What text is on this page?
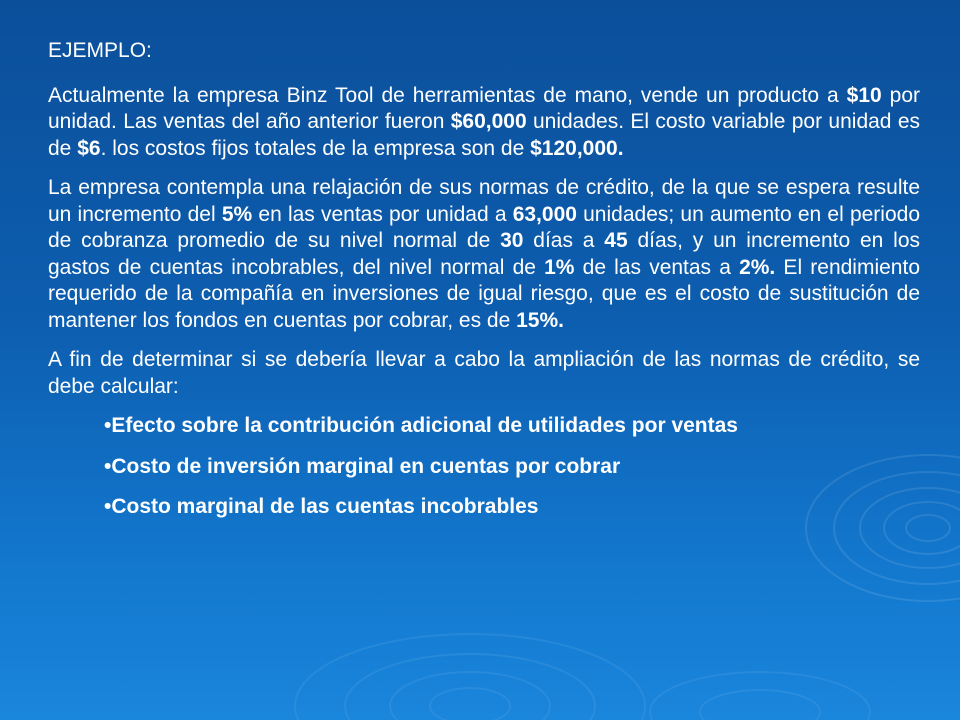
EJEMPLO:

Actualmente la empresa Binz Tool de herramientas de mano, vende un producto a $10 por unidad. Las ventas del año anterior fueron $60,000 unidades. El costo variable por unidad es de $6. los costos fijos totales de la empresa son de $120,000.

La empresa contempla una relajación de sus normas de crédito, de la que se espera resulte un incremento del 5% en las ventas por unidad a 63,000 unidades; un aumento en el periodo de cobranza promedio de su nivel normal de 30 días a 45 días, y un incremento en los gastos de cuentas incobrables, del nivel normal de 1% de las ventas a 2%. El rendimiento requerido de la compañía en inversiones de igual riesgo, que es el costo de sustitución de mantener los fondos en cuentas por cobrar, es de 15%.

A fin de determinar si se debería llevar a cabo la ampliación de las normas de crédito, se debe calcular:

• Efecto sobre la contribución adicional de utilidades por ventas
• Costo de inversión marginal en cuentas por cobrar
• Costo marginal de las cuentas incobrables
